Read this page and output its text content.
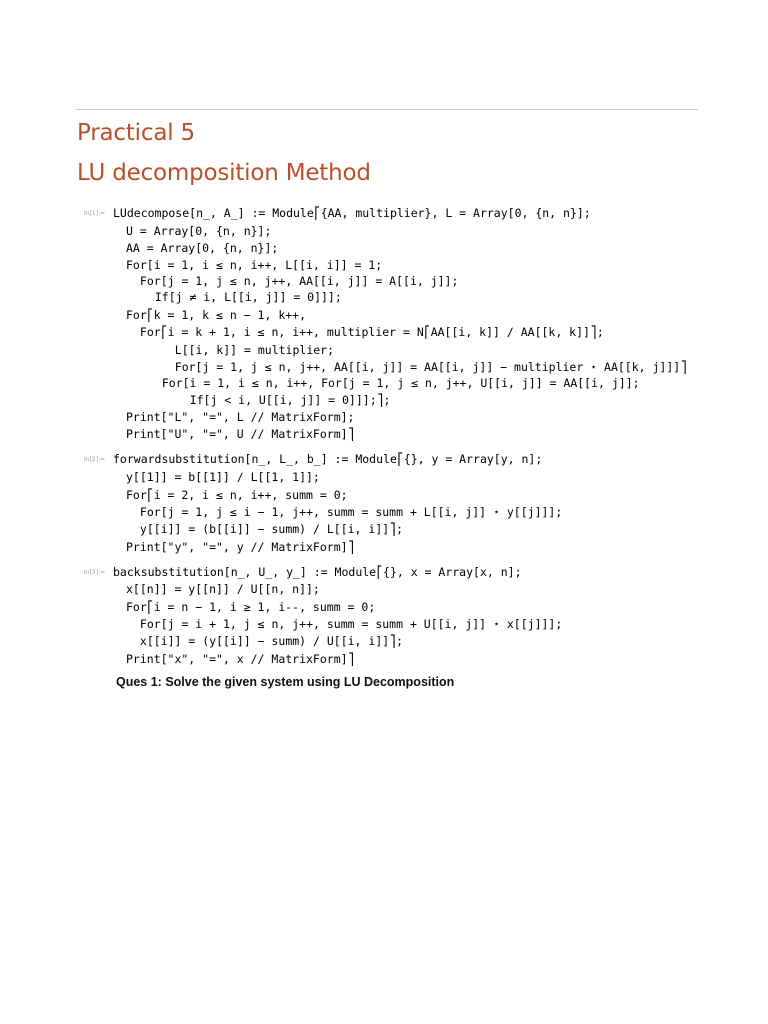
Practical 5
LU decomposition Method
In[1]:= LUdecompose[n_, A_] := Module⎡{AA, multiplier}, L = Array[0, {n, n}];
U = Array[0, {n, n}];
AA = Array[0, {n, n}];
For[i = 1, i ≤ n, i++, L[[i, i]] = 1;
For[j = 1, j ≤ n, j++, AA[[i, j]] = A[[i, j]];
If[j ≠ i, L[[i, j]] = 0]]];
For⎡k = 1, k ≤ n − 1, k++,
For⎡i = k + 1, i ≤ n, i++, multiplier = N⎡AA[[i, k]] ∕ AA[[k, k]]⎤;
L[[i, k]] = multiplier;
For[j = 1, j ≤ n, j++, AA[[i, j]] = AA[[i, j]] − multiplier ⋆ AA[[k, j]]]⎤
For[i = 1, i ≤ n, i++, For[j = 1, j ≤ n, j++, U[[i, j]] = AA[[i, j]];
If[j < i, U[[i, j]] = 0]]];⎤;
Print["L", "=", L // MatrixForm];
Print["U", "=", U // MatrixForm]⎤
In[2]:= forwardsubstitution[n_, L_, b_] := Module⎡{}, y = Array[y, n];
y[[1]] = b[[1]] ∕ L[[1, 1]];
For⎡i = 2, i ≤ n, i++, summ = 0;
For[j = 1, j ≤ i − 1, j++, summ = summ + L[[i, j]] ⋆ y[[j]]];
y[[i]] = (b[[i]] − summ) ∕ L[[i, i]]⎤;
Print["y", "=", y // MatrixForm]⎤
In[3]:= backsubstitution[n_, U_, y_] := Module⎡{}, x = Array[x, n];
x[[n]] = y[[n]] / U[[n, n]];
For⎡i = n − 1, i ≥ 1, i--, summ = 0;
For[j = i + 1, j ≤ n, j++, summ = summ + U[[i, j]] ⋆ x[[j]]];
x[[i]] = (y[[i]] − summ) ∕ U[[i, i]]⎤;
Print["x", "=", x // MatrixForm]⎤
Ques 1: Solve the given system using LU Decomposition
